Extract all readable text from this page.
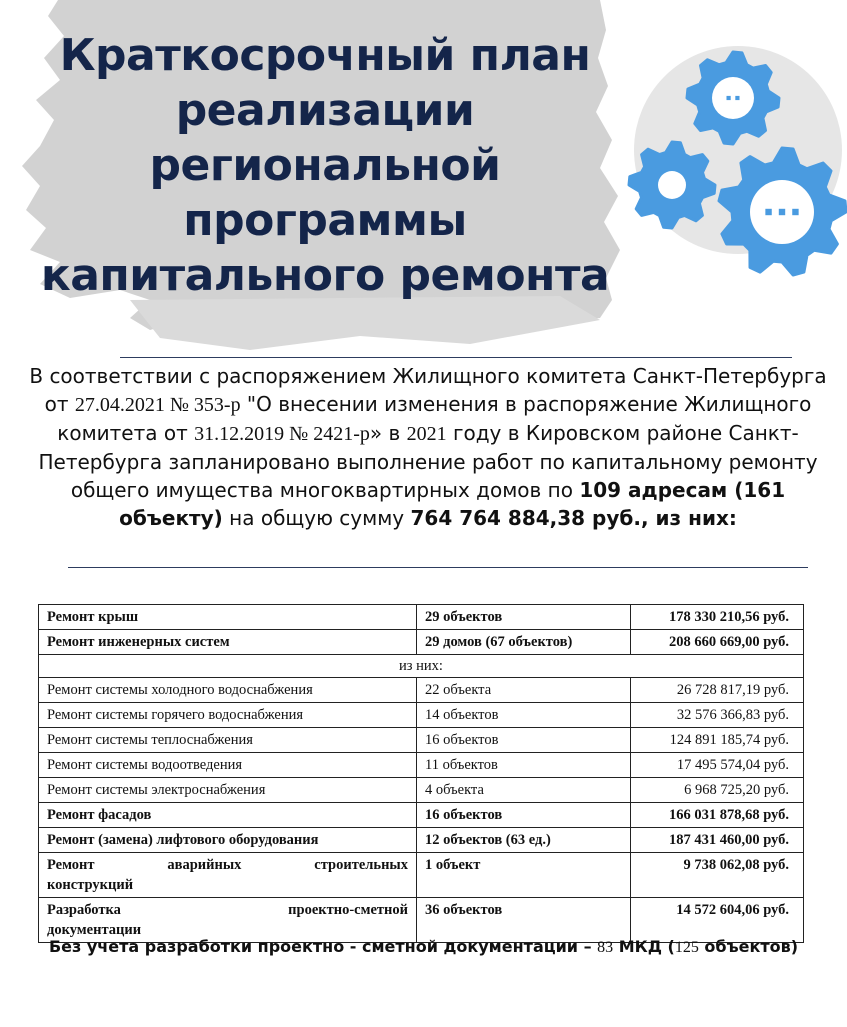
Краткосрочный план
реализации
региональной
программы
капитального ремонта
В соответствии с распоряжением Жилищного комитета Санкт-Петербурга от 27.04.2021 № 353-р "О внесении изменения в распоряжение Жилищного комитета от 31.12.2019 № 2421-р» в 2021 году в Кировском районе Санкт-Петербурга запланировано выполнение работ по капитальному ремонту общего имущества многоквартирных домов по 109 адресам (161 объекту) на общую сумму 764 764 884,38 руб., из них:
Ремонт крыш	29 объектов	178 330 210,56 руб.
Ремонт инженерных систем	29 домов (67 объектов)	208 660 669,00 руб.
из них:		
Ремонт системы холодного водоснабжения	22 объекта	26 728 817,19 руб.
Ремонт системы горячего водоснабжения	14 объектов	32 576 366,83 руб.
Ремонт системы теплоснабжения	16 объектов	124 891 185,74 руб.
Ремонт системы водоотведения	11 объектов	17 495 574,04 руб.
Ремонт системы электроснабжения	4 объекта	6 968 725,20 руб.
Ремонт фасадов	16 объектов	166 031 878,68 руб.
Ремонт (замена) лифтового оборудования	12 объектов (63 ед.)	187 431 460,00 руб.

Ремонт аварийных строительных
конструкций	1 объект	9 738 062,08 руб.

Разработка проектно-сметной
документации	36 объектов	14 572 604,06 руб.
Без учета разработки проектно - сметной документации – 83 МКД (125 объектов)
